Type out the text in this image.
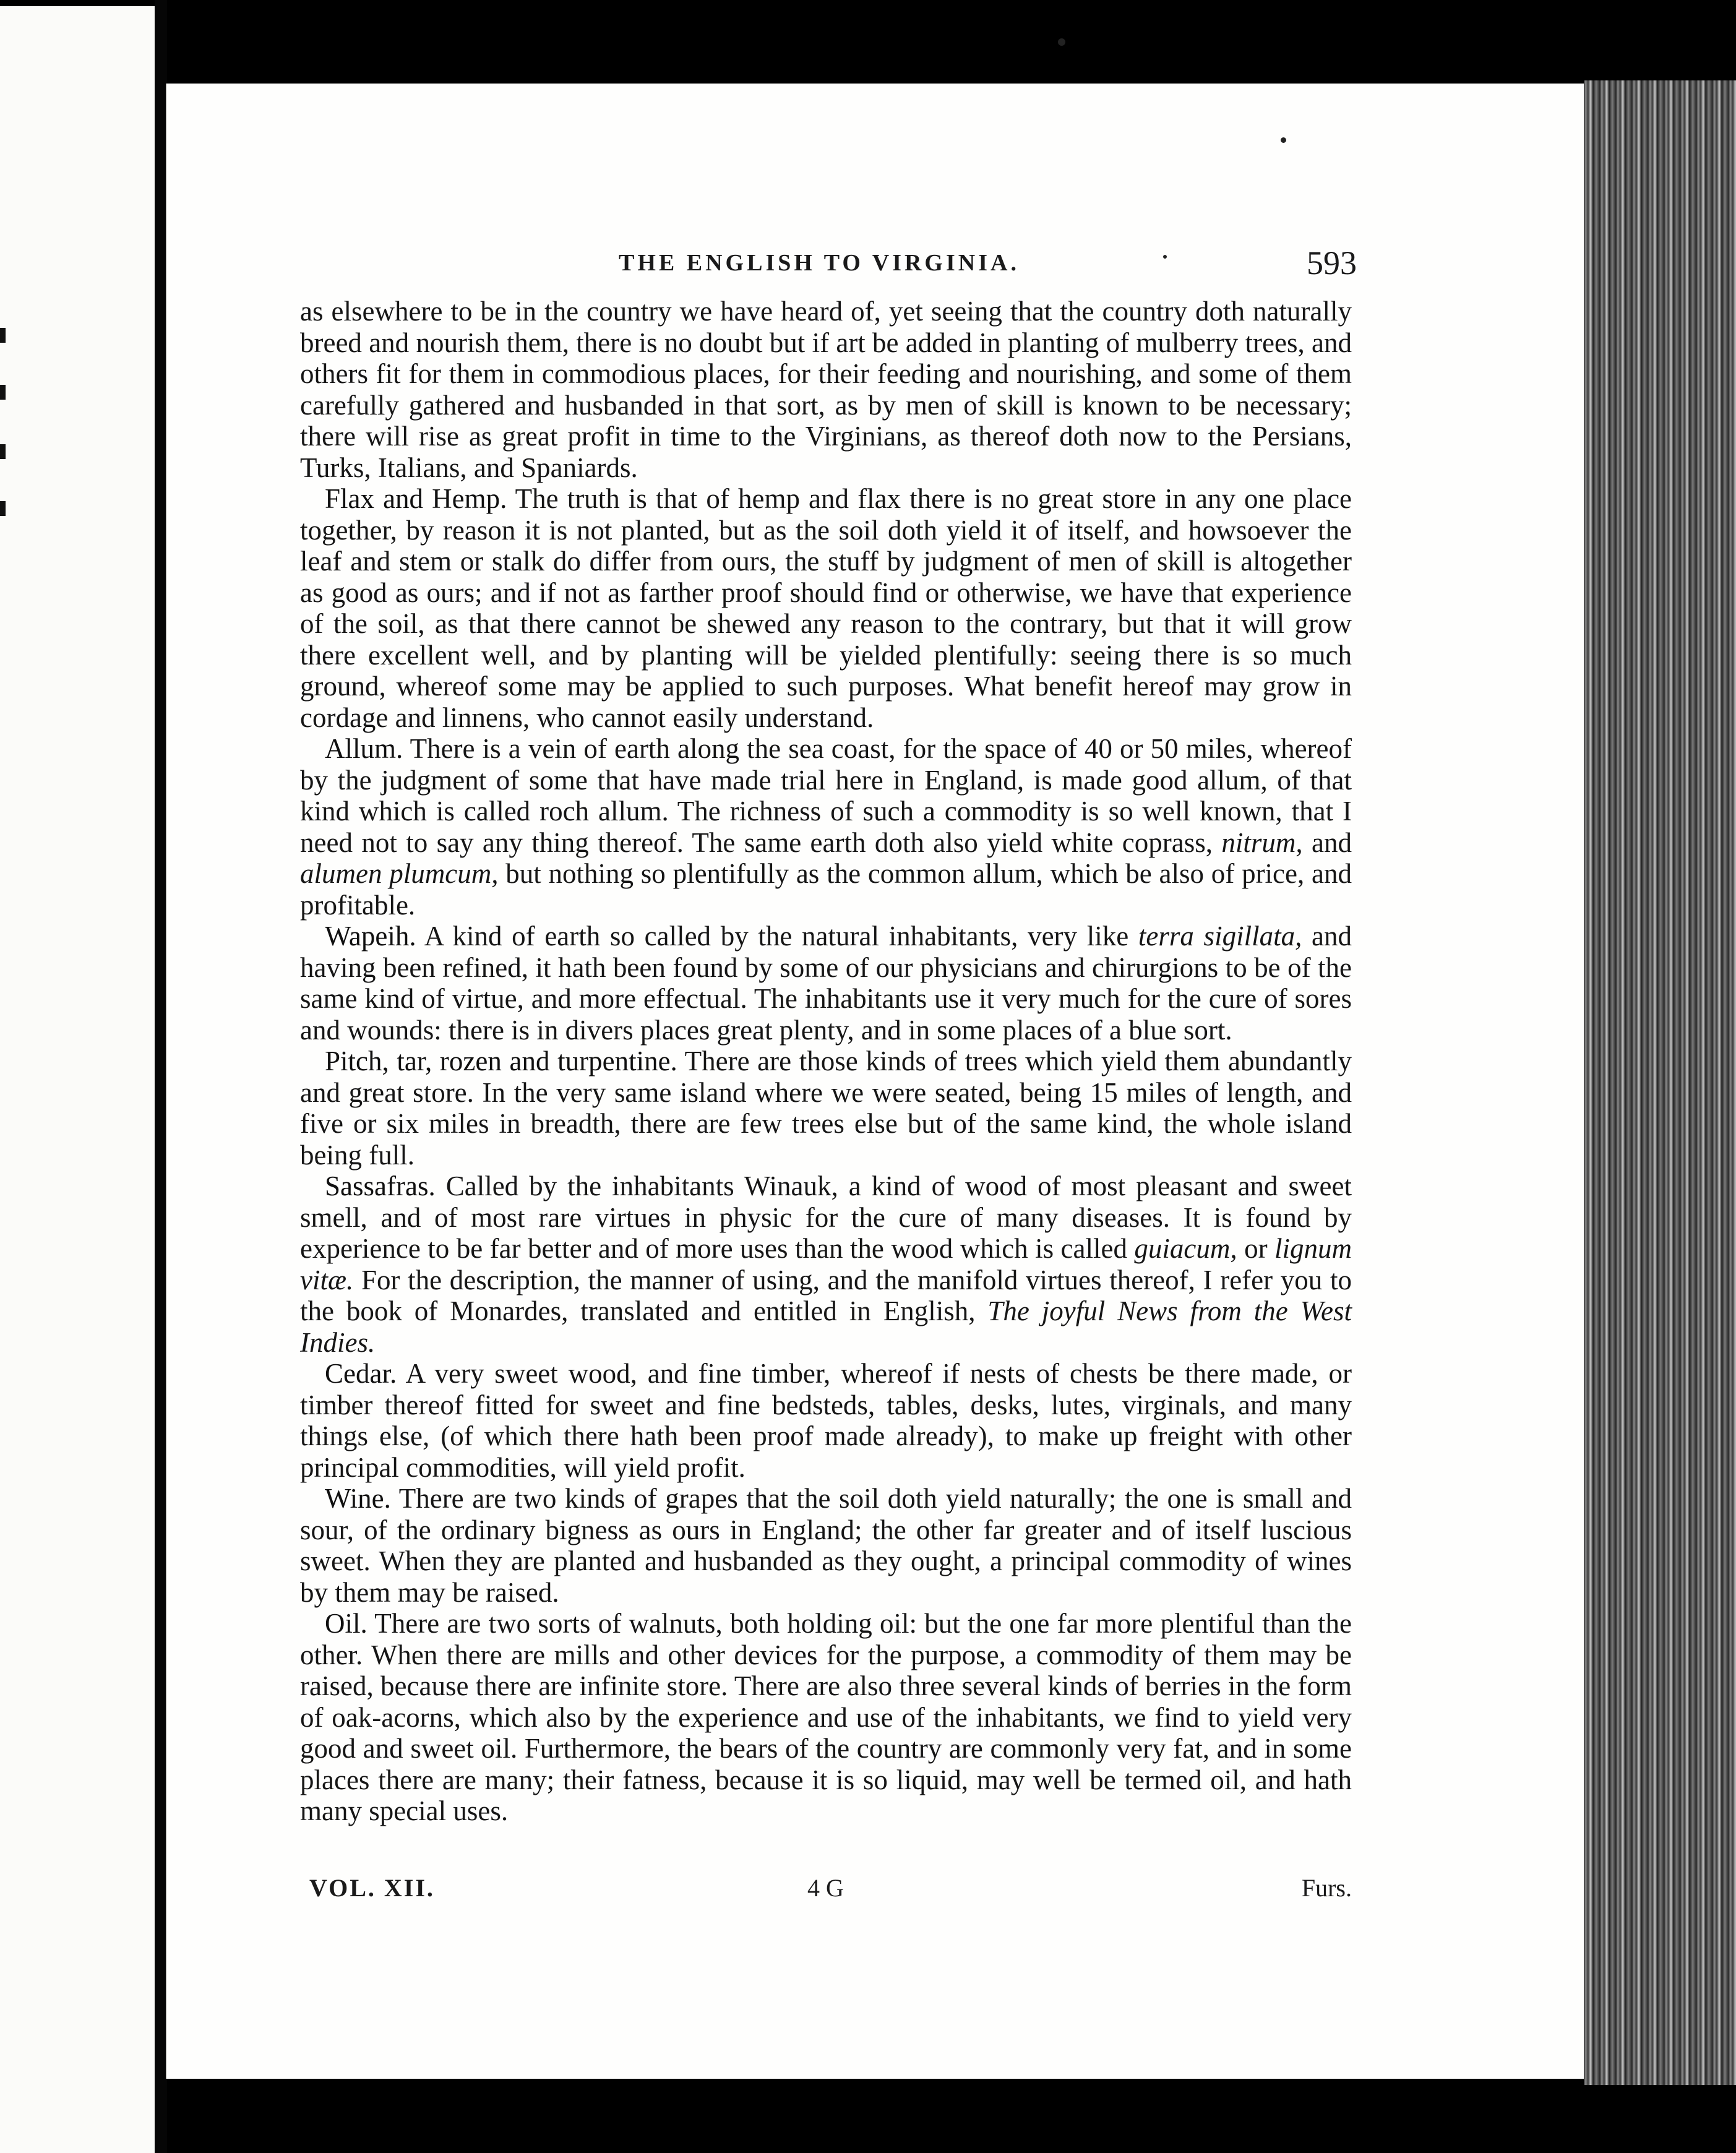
THE ENGLISH TO VIRGINIA.	593

as elsewhere to be in the country we have heard of, yet seeing that the country doth naturally breed and nourish them, there is no doubt but if art be added in planting of mulberry trees, and others fit for them in commodious places, for their feeding and nourishing, and some of them carefully gathered and husbanded in that sort, as by men of skill is known to be necessary; there will rise as great profit in time to the Virginians, as thereof doth now to the Persians, Turks, Italians, and Spaniards.

Flax and Hemp. The truth is that of hemp and flax there is no great store in any one place together, by reason it is not planted, but as the soil doth yield it of itself, and howsoever the leaf and stem or stalk do differ from ours, the stuff by judgment of men of skill is altogether as good as ours; and if not as farther proof should find or otherwise, we have that experience of the soil, as that there cannot be shewed any reason to the contrary, but that it will grow there excellent well, and by planting will be yielded plentifully: seeing there is so much ground, whereof some may be applied to such purposes. What benefit hereof may grow in cordage and linnens, who cannot easily understand.

Allum. There is a vein of earth along the sea coast, for the space of 40 or 50 miles, whereof by the judgment of some that have made trial here in England, is made good allum, of that kind which is called roch allum. The richness of such a commodity is so well known, that I need not to say any thing thereof. The same earth doth also yield white coprass, nitrum, and alumen plumcum, but nothing so plentifully as the common allum, which be also of price, and profitable.

Wapeih. A kind of earth so called by the natural inhabitants, very like terra sigillata, and having been refined, it hath been found by some of our physicians and chirurgions to be of the same kind of virtue, and more effectual. The inhabitants use it very much for the cure of sores and wounds: there is in divers places great plenty, and in some places of a blue sort.

Pitch, tar, rozen and turpentine. There are those kinds of trees which yield them abundantly and great store. In the very same island where we were seated, being 15 miles of length, and five or six miles in breadth, there are few trees else but of the same kind, the whole island being full.

Sassafras. Called by the inhabitants Winauk, a kind of wood of most pleasant and sweet smell, and of most rare virtues in physic for the cure of many diseases. It is found by experience to be far better and of more uses than the wood which is called guiacum, or lignum vitæ. For the description, the manner of using, and the manifold virtues thereof, I refer you to the book of Monardes, translated and entitled in English, The joyful News from the West Indies.

Cedar. A very sweet wood, and fine timber, whereof if nests of chests be there made, or timber thereof fitted for sweet and fine bedsteds, tables, desks, lutes, virginals, and many things else, (of which there hath been proof made already), to make up freight with other principal commodities, will yield profit.

Wine. There are two kinds of grapes that the soil doth yield naturally; the one is small and sour, of the ordinary bigness as ours in England; the other far greater and of itself luscious sweet. When they are planted and husbanded as they ought, a principal commodity of wines by them may be raised.

Oil. There are two sorts of walnuts, both holding oil: but the one far more plentiful than the other. When there are mills and other devices for the purpose, a commodity of them may be raised, because there are infinite store. There are also three several kinds of berries in the form of oak-acorns, which also by the experience and use of the inhabitants, we find to yield very good and sweet oil. Furthermore, the bears of the country are commonly very fat, and in some places there are many; their fatness, because it is so liquid, may well be termed oil, and hath many special uses.

VOL. XII.	4 G	Furs.
